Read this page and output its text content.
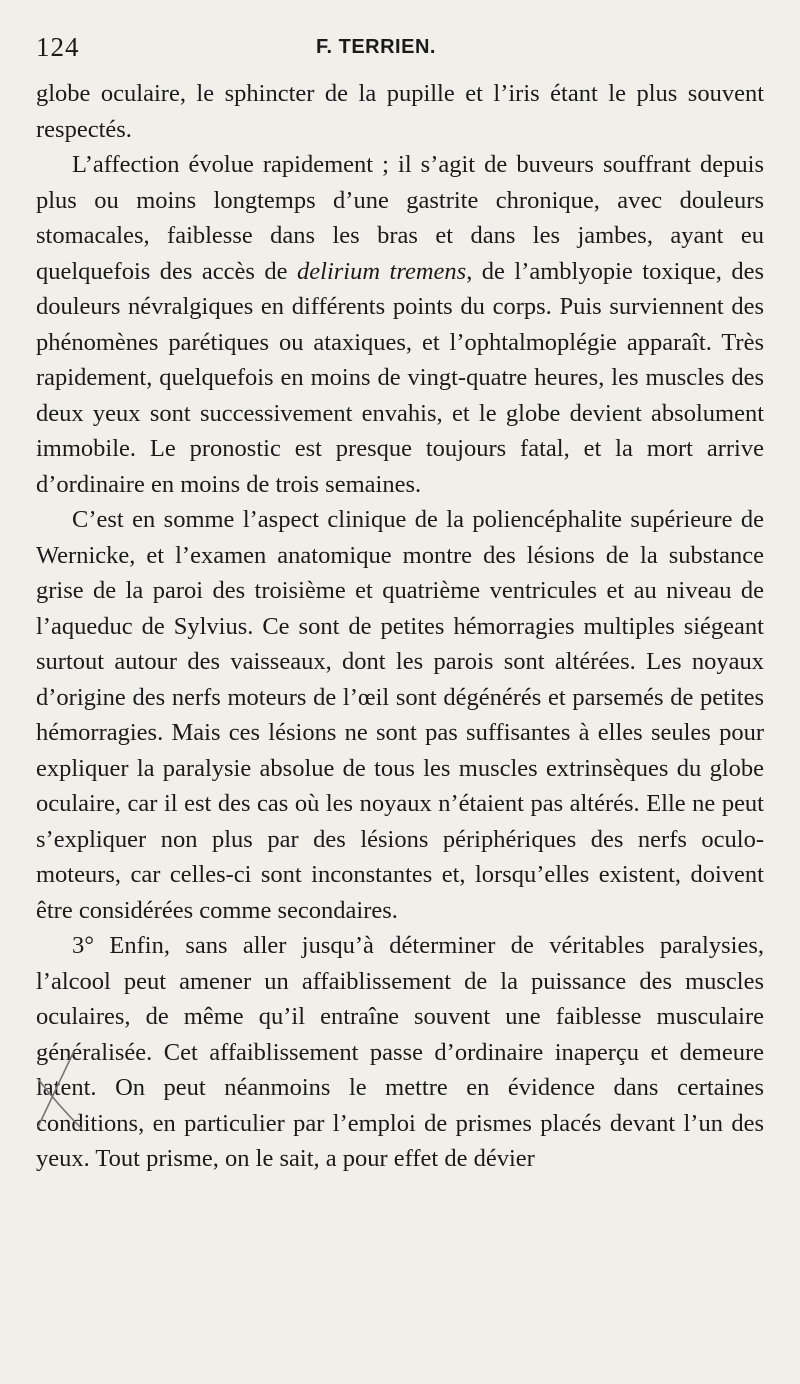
124	F. TERRIEN.

globe oculaire, le sphincter de la pupille et l’iris étant le plus souvent respectés.

L’affection évolue rapidement ; il s’agit de buveurs souffrant depuis plus ou moins longtemps d’une gastrite chronique, avec douleurs stomacales, faiblesse dans les bras et dans les jambes, ayant eu quelquefois des accès de delirium tremens, de l’amblyopie toxique, des douleurs névralgiques en différents points du corps. Puis surviennent des phénomènes parétiques ou ataxiques, et l’ophtalmoplégie apparaît. Très rapidement, quelquefois en moins de vingt-quatre heures, les muscles des deux yeux sont successivement envahis, et le globe devient absolument immobile. Le pronostic est presque toujours fatal, et la mort arrive d’ordinaire en moins de trois semaines.

C’est en somme l’aspect clinique de la poliencéphalite supérieure de Wernicke, et l’examen anatomique montre des lésions de la substance grise de la paroi des troisième et quatrième ventricules et au niveau de l’aqueduc de Sylvius. Ce sont de petites hémorragies multiples siégeant surtout autour des vaisseaux, dont les parois sont altérées. Les noyaux d’origine des nerfs moteurs de l’œil sont dégénérés et parsemés de petites hémorragies. Mais ces lésions ne sont pas suffisantes à elles seules pour expliquer la paralysie absolue de tous les muscles extrinsèques du globe oculaire, car il est des cas où les noyaux n’étaient pas altérés. Elle ne peut s’expliquer non plus par des lésions périphériques des nerfs oculo-moteurs, car celles-ci sont inconstantes et, lorsqu’elles existent, doivent être considérées comme secondaires.

3° Enfin, sans aller jusqu’à déterminer de véritables paralysies, l’alcool peut amener un affaiblissement de la puissance des muscles oculaires, de même qu’il entraîne souvent une faiblesse musculaire généralisée. Cet affaiblissement passe d’ordinaire inaperçu et demeure latent. On peut néanmoins le mettre en évidence dans certaines conditions, en particulier par l’emploi de prismes placés devant l’un des yeux. Tout prisme, on le sait, a pour effet de dévier
